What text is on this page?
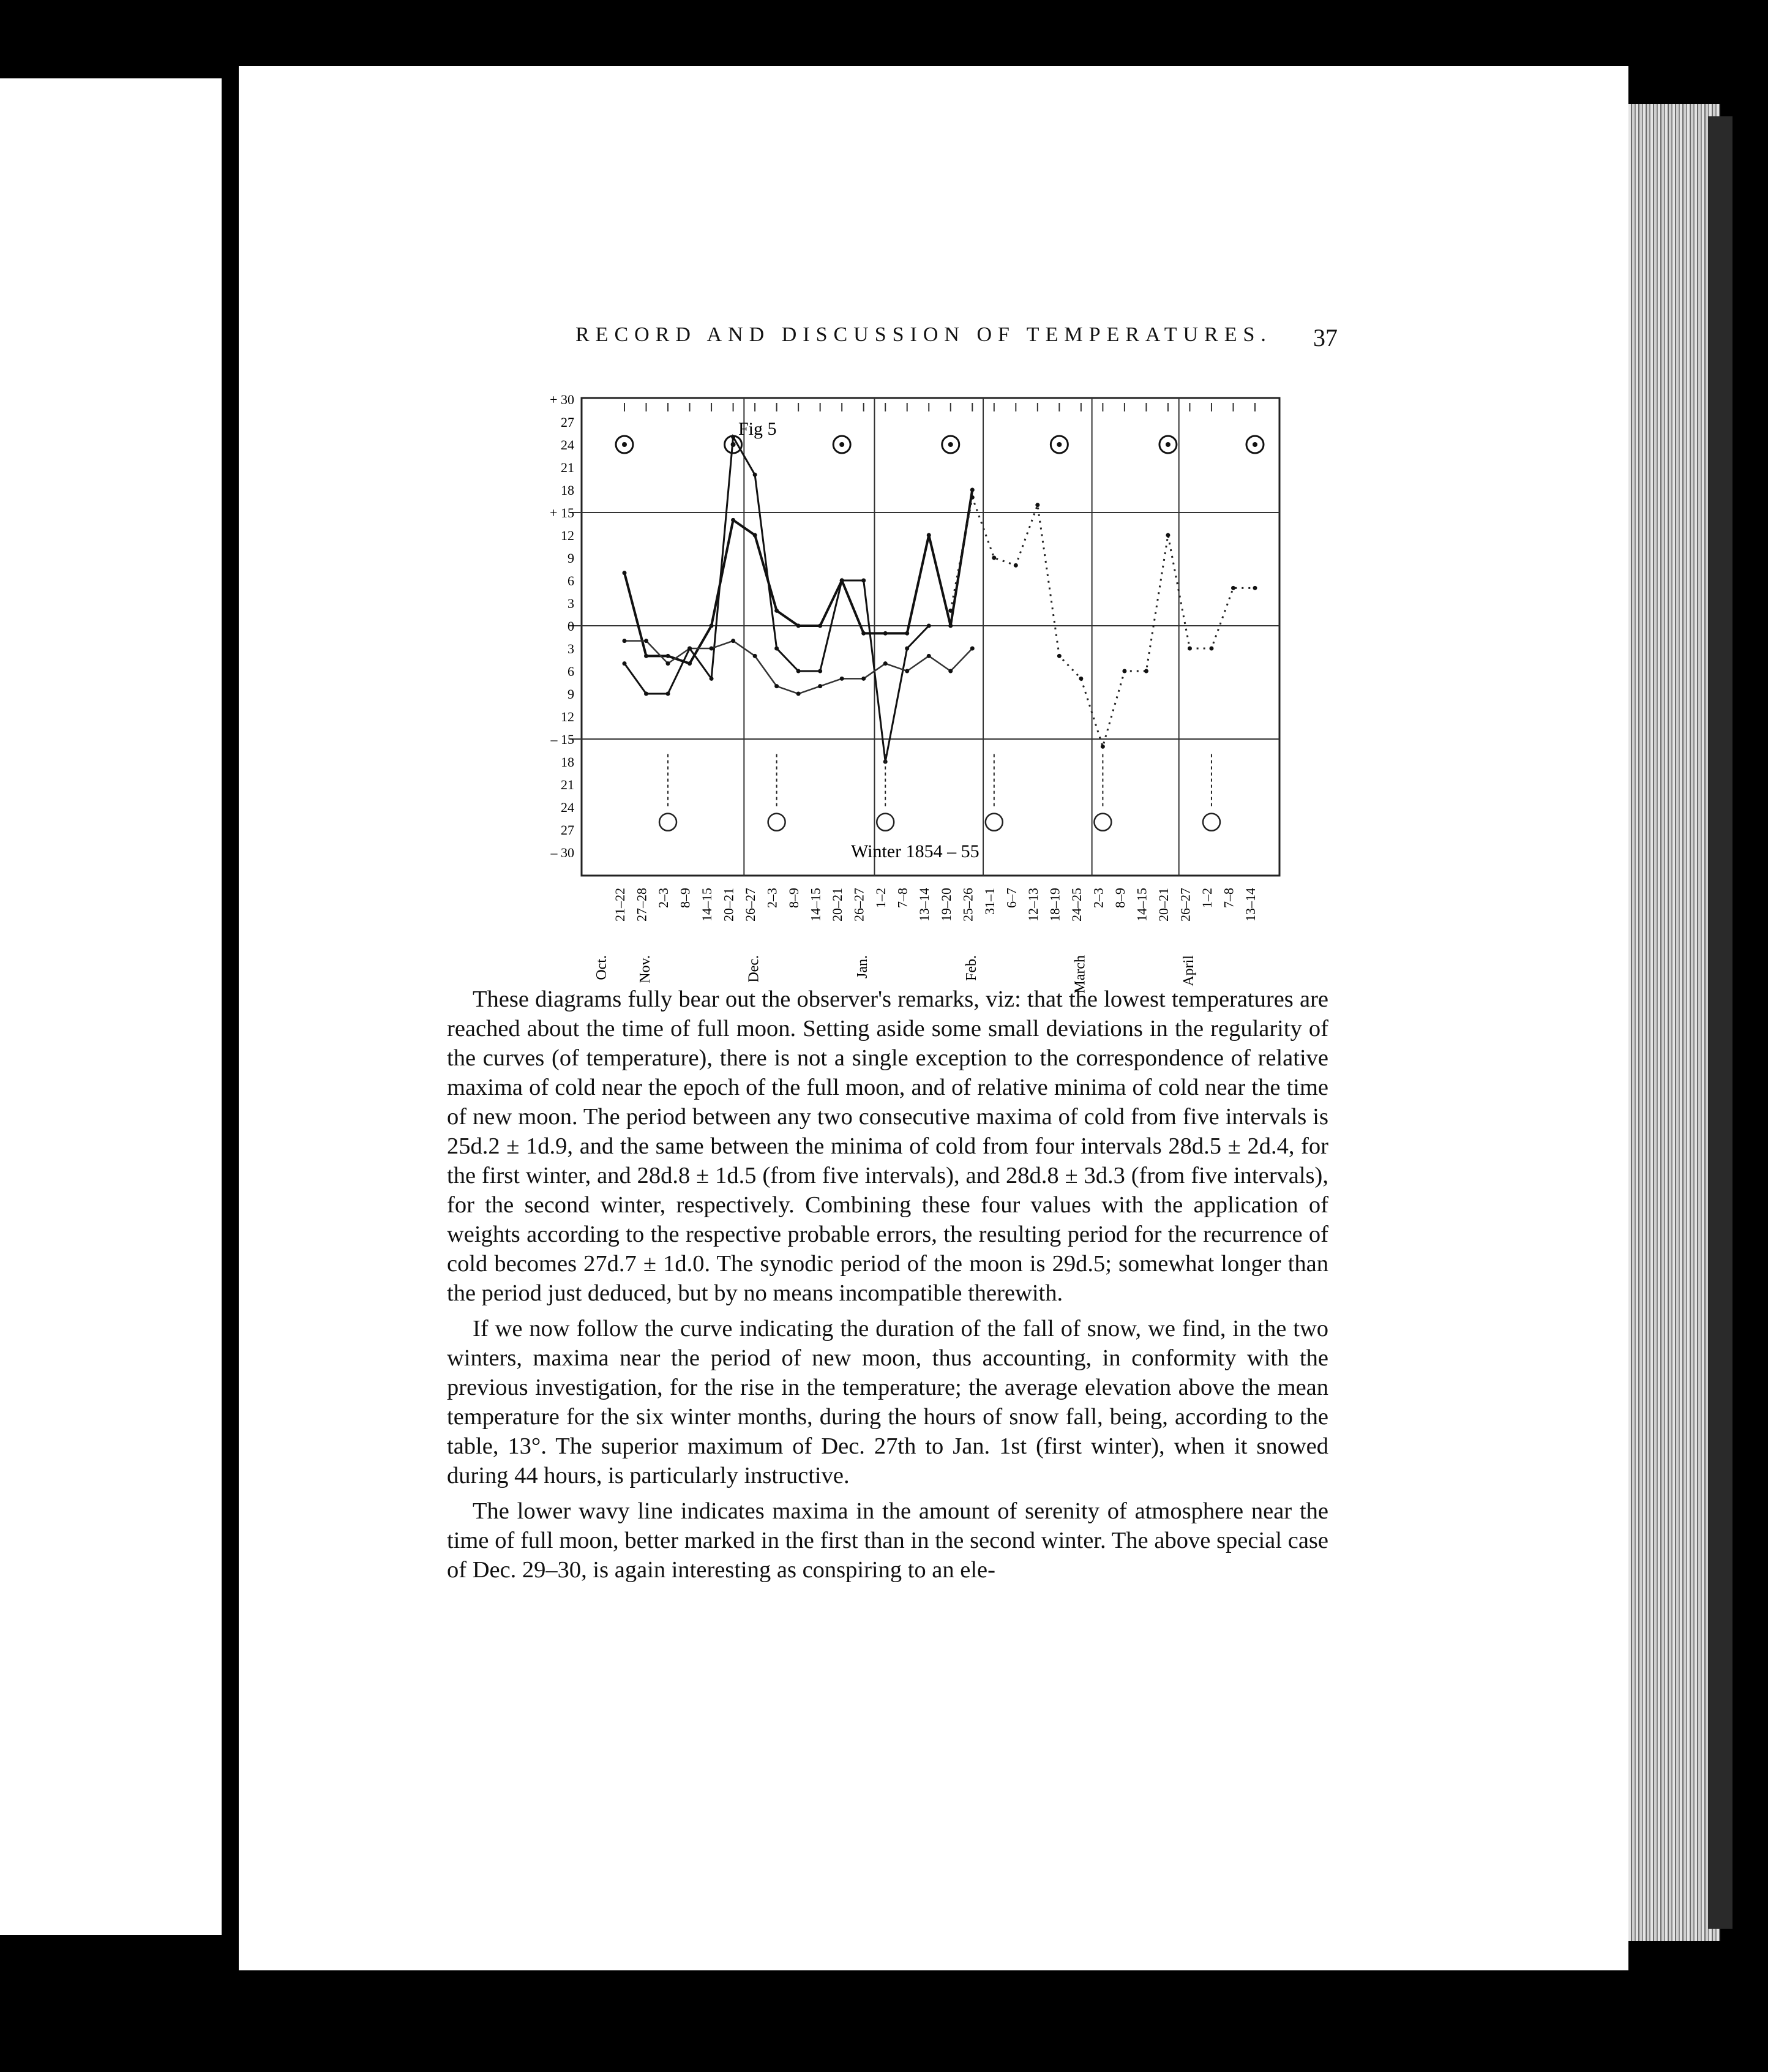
RECORD AND DISCUSSION OF TEMPERATURES. 37
+ 30
27
24
21
18
+ 15
12
9
6
3
0
3
6
9
12
– 15
18
21
24
27
– 30
21–22 27–28 2–3 8–9 14–15 20–21 26–27 2–3 8–9 14–15 20–21 26–27 1–2 7–8 13–14 19–20 25–26 31–1 6–7 12–13 18–19 24–25 2–3 8–9 14–15 20–21 26–27 1–2 7–8 13–14
Oct. Nov.	Dec.	Jan.	Feb.	March	April
Fig 5
Winter 1854 – 55

These diagrams fully bear out the observer's remarks, viz: that the lowest temperatures are reached about the time of full moon. Setting aside some small deviations in the regularity of the curves (of temperature), there is not a single exception to the correspondence of relative maxima of cold near the epoch of the full moon, and of relative minima of cold near the time of new moon. The period between any two consecutive maxima of cold from five intervals is 25d.2 ± 1d.9, and the same between the minima of cold from four intervals 28d.5 ± 2d.4, for the first winter, and 28d.8 ± 1d.5 (from five intervals), and 28d.8 ± 3d.3 (from five intervals), for the second winter, respectively. Combining these four values with the application of weights according to the respective probable errors, the resulting period for the recurrence of cold becomes 27d.7 ± 1d.0. The synodic period of the moon is 29d.5; somewhat longer than the period just deduced, but by no means incompatible therewith.

If we now follow the curve indicating the duration of the fall of snow, we find, in the two winters, maxima near the period of new moon, thus accounting, in conformity with the previous investigation, for the rise in the temperature; the average elevation above the mean temperature for the six winter months, during the hours of snow fall, being, according to the table, 13°. The superior maximum of Dec. 27th to Jan. 1st (first winter), when it snowed during 44 hours, is particularly instructive.

The lower wavy line indicates maxima in the amount of serenity of atmosphere near the time of full moon, better marked in the first than in the second winter. The above special case of Dec. 29–30, is again interesting as conspiring to an ele-
